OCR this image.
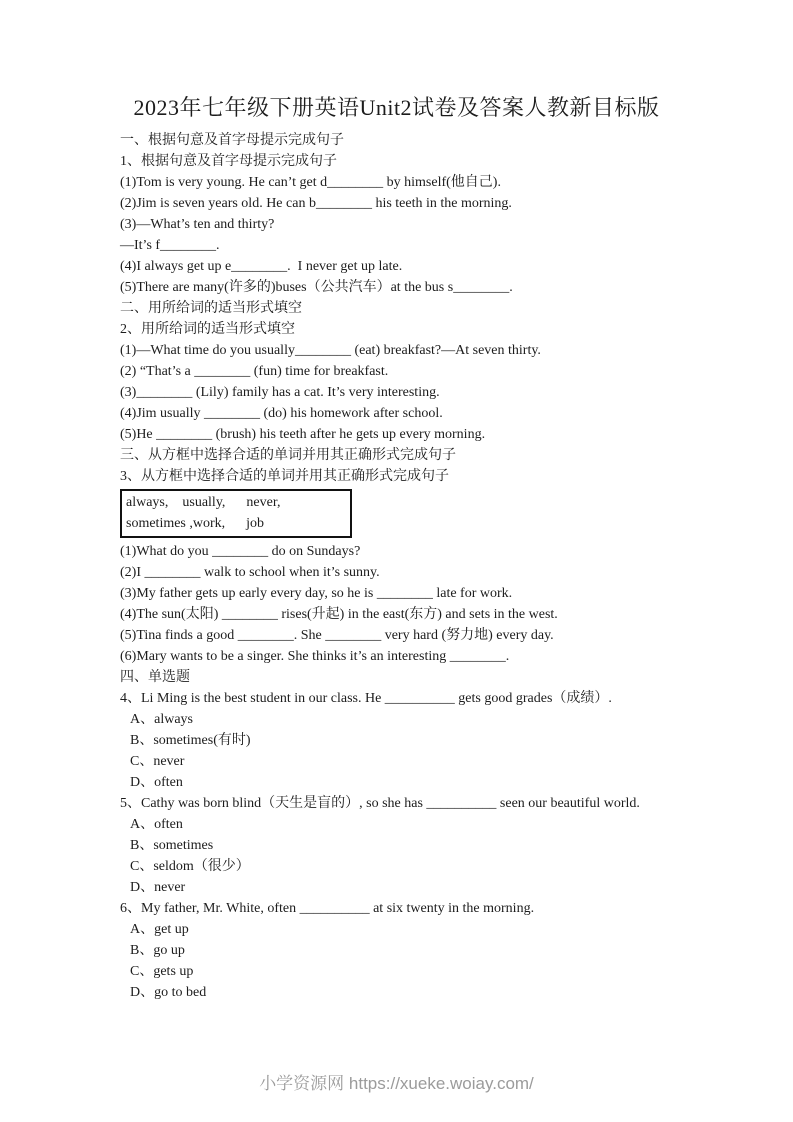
2023年七年级下册英语Unit2试卷及答案人教新目标版

一、根据句意及首字母提示完成句子

1、根据句意及首字母提示完成句子

(1)Tom is very young. He can’t get d________ by himself(他自己).

(2)Jim is seven years old. He can b________ his teeth in the morning.

(3)—What’s ten and thirty?

—It’s f________.

(4)I always get up e________.  I never get up late.

(5)There are many(许多的)buses（公共汽车）at the bus s________.

二、用所给词的适当形式填空

2、用所给词的适当形式填空

(1)—What time do you usually________ (eat) breakfast?—At seven thirty.

(2) “That’s a ________ (fun) time for breakfast.

(3)________ (Lily) family has a cat. It’s very interesting.

(4)Jim usually ________ (do) his homework after school.

(5)He ________ (brush) his teeth after he gets up every morning.

三、从方框中选择合适的单词并用其正确形式完成句子

3、从方框中选择合适的单词并用其正确形式完成句子

always,    usually,      never,

sometimes ,work,      job

(1)What do you ________ do on Sundays?

(2)I ________ walk to school when it’s sunny.

(3)My father gets up early every day, so he is ________ late for work.

(4)The sun(太阳) ________ rises(升起) in the east(东方) and sets in the west.

(5)Tina finds a good ________. She ________ very hard (努力地) every day.

(6)Mary wants to be a singer. She thinks it’s an interesting ________.

四、单选题

4、Li Ming is the best student in our class. He __________ gets good grades（成绩）.

A、always

B、sometimes(有时)

C、never

D、often

5、Cathy was born blind（天生是盲的）, so she has __________ seen our beautiful world.

A、often

B、sometimes

C、seldom（很少）

D、never

6、My father, Mr. White, often __________ at six twenty in the morning.

A、get up

B、go up

C、gets up

D、go to bed

小学资源网 https://xueke.woiay.com/
